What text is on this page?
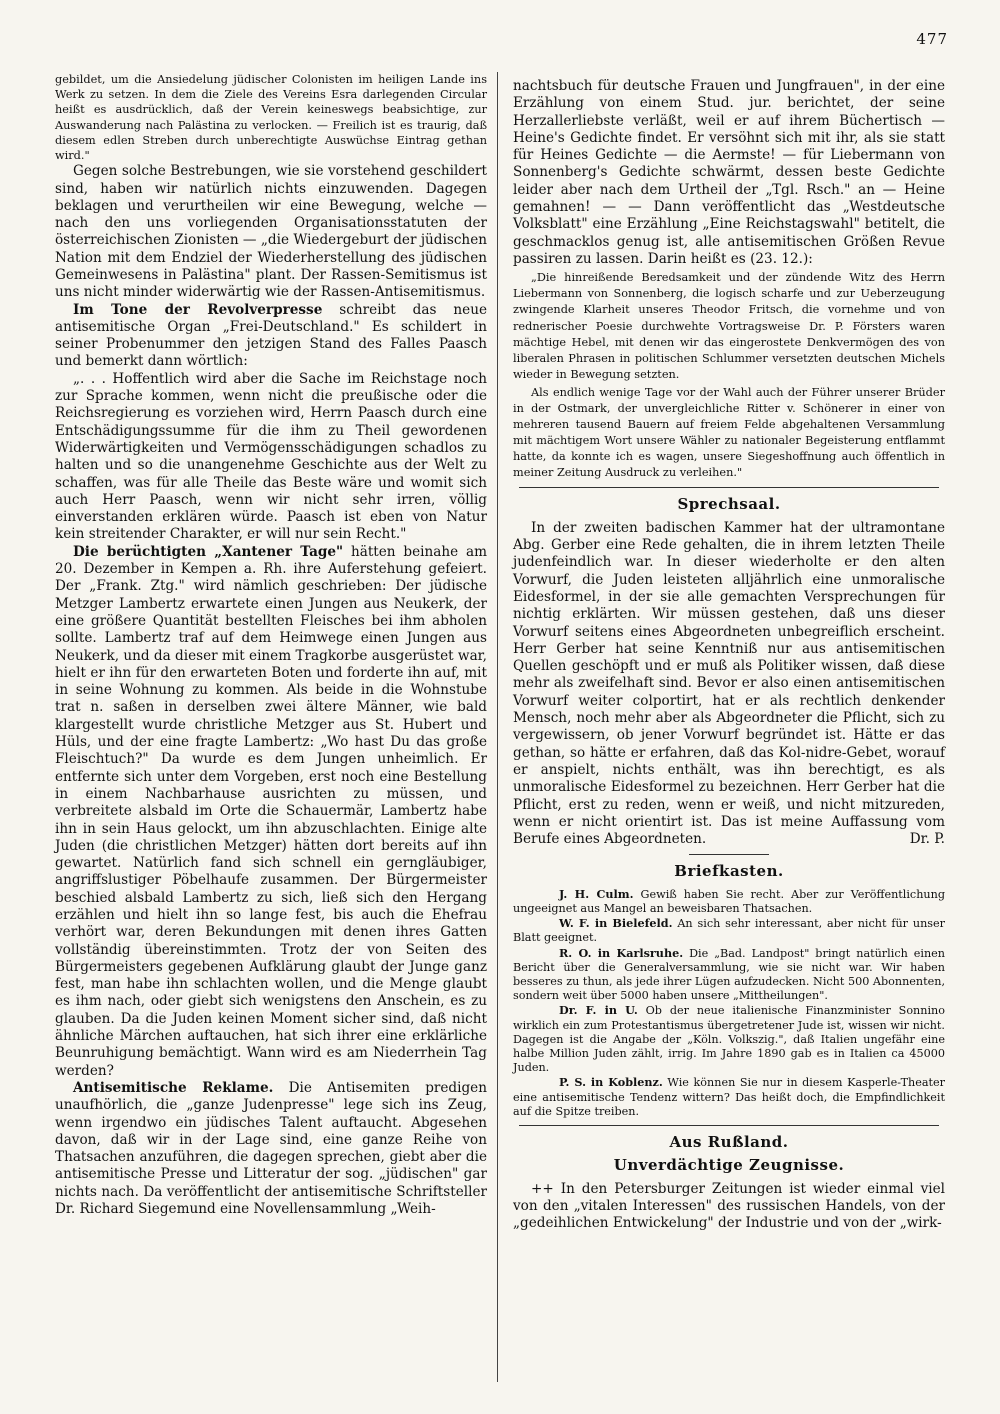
477

gebildet, um die Ansiedelung jüdischer Colonisten im heiligen Lande ins Werk zu setzen. In dem die Ziele des Vereins Esra darlegenden Circular heißt es ausdrücklich, daß der Verein keineswegs beabsichtige, zur Auswanderung nach Palästina zu verlocken. — Freilich ist es traurig, daß diesem edlen Streben durch unberechtigte Auswüchse Eintrag gethan wird."

Gegen solche Bestrebungen, wie sie vorstehend geschildert sind, haben wir natürlich nichts einzuwenden. Dagegen beklagen und verurtheilen wir eine Bewegung, welche — nach den uns vorliegenden Organisationsstatuten der österreichischen Zionisten — „die Wiedergeburt der jüdischen Nation mit dem Endziel der Wiederherstellung des jüdischen Gemeinwesens in Palästina" plant. Der Rassen-Semitismus ist uns nicht minder widerwärtig wie der Rassen-Antisemitismus.

Im Tone der Revolverpresse schreibt das neue antisemitische Organ „Frei-Deutschland." Es schildert in seiner Probenummer den jetzigen Stand des Falles Paasch und bemerkt dann wörtlich:

„. . . Hoffentlich wird aber die Sache im Reichstage noch zur Sprache kommen, wenn nicht die preußische oder die Reichsregierung es vorziehen wird, Herrn Paasch durch eine Entschädigungssumme für die ihm zu Theil gewordenen Widerwärtigkeiten und Vermögensschädigungen schadlos zu halten und so die unangenehme Geschichte aus der Welt zu schaffen, was für alle Theile das Beste wäre und womit sich auch Herr Paasch, wenn wir nicht sehr irren, völlig einverstanden erklären würde. Paasch ist eben von Natur kein streitender Charakter, er will nur sein Recht."

Die berüchtigten „Xantener Tage" hätten beinahe am 20. Dezember in Kempen a. Rh. ihre Auferstehung gefeiert. Der „Frank. Ztg." wird nämlich geschrieben: Der jüdische Metzger Lambertz erwartete einen Jungen aus Neukerk, der eine größere Quantität bestellten Fleisches bei ihm abholen sollte. Lambertz traf auf dem Heimwege einen Jungen aus Neukerk, und da dieser mit einem Tragkorbe ausgerüstet war, hielt er ihn für den erwarteten Boten und forderte ihn auf, mit in seine Wohnung zu kommen. Als beide in die Wohnstube trat n. saßen in derselben zwei ältere Männer, wie bald klargestellt wurde christliche Metzger aus St. Hubert und Hüls, und der eine fragte Lambertz: „Wo hast Du das große Fleischtuch?" Da wurde es dem Jungen unheimlich. Er entfernte sich unter dem Vorgeben, erst noch eine Bestellung in einem Nachbarhause ausrichten zu müssen, und verbreitete alsbald im Orte die Schauermär, Lambertz habe ihn in sein Haus gelockt, um ihn abzuschlachten. Einige alte Juden (die christlichen Metzger) hätten dort bereits auf ihn gewartet. Natürlich fand sich schnell ein gerngläubiger, angriffslustiger Pöbelhaufe zusammen. Der Bürgermeister beschied alsbald Lambertz zu sich, ließ sich den Hergang erzählen und hielt ihn so lange fest, bis auch die Ehefrau verhört war, deren Bekundungen mit denen ihres Gatten vollständig übereinstimmten. Trotz der von Seiten des Bürgermeisters gegebenen Aufklärung glaubt der Junge ganz fest, man habe ihn schlachten wollen, und die Menge glaubt es ihm nach, oder giebt sich wenigstens den Anschein, es zu glauben. Da die Juden keinen Moment sicher sind, daß nicht ähnliche Märchen auftauchen, hat sich ihrer eine erklärliche Beunruhigung bemächtigt. Wann wird es am Niederrhein Tag werden?

Antisemitische Reklame. Die Antisemiten predigen unaufhörlich, die „ganze Judenpresse" lege sich ins Zeug, wenn irgendwo ein jüdisches Talent auftaucht. Abgesehen davon, daß wir in der Lage sind, eine ganze Reihe von Thatsachen anzuführen, die dagegen sprechen, giebt aber die antisemitische Presse und Litteratur der sog. „jüdischen" gar nichts nach. Da veröffentlicht der antisemitische Schriftsteller Dr. Richard Siegemund eine Novellensammlung „Weih-

nachtsbuch für deutsche Frauen und Jungfrauen", in der eine Erzählung von einem Stud. jur. berichtet, der seine Herzallerliebste verläßt, weil er auf ihrem Büchertisch — Heine's Gedichte findet. Er versöhnt sich mit ihr, als sie statt für Heines Gedichte — die Aermste! — für Liebermann von Sonnenberg's Gedichte schwärmt, dessen beste Gedichte leider aber nach dem Urtheil der „Tgl. Rsch." an — Heine gemahnen! — — Dann veröffentlicht das „Westdeutsche Volksblatt" eine Erzählung „Eine Reichstagswahl" betitelt, die geschmacklos genug ist, alle antisemitischen Größen Revue passiren zu lassen. Darin heißt es (23. 12.):

„Die hinreißende Beredsamkeit und der zündende Witz des Herrn Liebermann von Sonnenberg, die logisch scharfe und zur Ueberzeugung zwingende Klarheit unseres Theodor Fritsch, die vornehme und von rednerischer Poesie durchwehte Vortragsweise Dr. P. Försters waren mächtige Hebel, mit denen wir das eingerostete Denkvermögen des von liberalen Phrasen in politischen Schlummer versetzten deutschen Michels wieder in Bewegung setzten.

Als endlich wenige Tage vor der Wahl auch der Führer unserer Brüder in der Ostmark, der unvergleichliche Ritter v. Schönerer in einer von mehreren tausend Bauern auf freiem Felde abgehaltenen Versammlung mit mächtigem Wort unsere Wähler zu nationaler Begeisterung entflammt hatte, da konnte ich es wagen, unsere Siegeshoffnung auch öffentlich in meiner Zeitung Ausdruck zu verleihen."

Sprechsaal.

In der zweiten badischen Kammer hat der ultramontane Abg. Gerber eine Rede gehalten, die in ihrem letzten Theile judenfeindlich war. In dieser wiederholte er den alten Vorwurf, die Juden leisteten alljährlich eine unmoralische Eidesformel, in der sie alle gemachten Versprechungen für nichtig erklärten. Wir müssen gestehen, daß uns dieser Vorwurf seitens eines Abgeordneten unbegreiflich erscheint. Herr Gerber hat seine Kenntniß nur aus antisemitischen Quellen geschöpft und er muß als Politiker wissen, daß diese mehr als zweifelhaft sind. Bevor er also einen antisemitischen Vorwurf weiter colportirt, hat er als rechtlich denkender Mensch, noch mehr aber als Abgeordneter die Pflicht, sich zu vergewissern, ob jener Vorwurf begründet ist. Hätte er das gethan, so hätte er erfahren, daß das Kol-nidre-Gebet, worauf er anspielt, nichts enthält, was ihn berechtigt, es als unmoralische Eidesformel zu bezeichnen. Herr Gerber hat die Pflicht, erst zu reden, wenn er weiß, und nicht mitzureden, wenn er nicht orientirt ist. Das ist meine Auffassung vom Berufe eines Abgeordneten.	Dr. P.

Briefkasten.

J. H. Culm. Gewiß haben Sie recht. Aber zur Veröffentlichung ungeeignet aus Mangel an beweisbaren Thatsachen.

W. F. in Bielefeld. An sich sehr interessant, aber nicht für unser Blatt geeignet.

R. O. in Karlsruhe. Die „Bad. Landpost" bringt natürlich einen Bericht über die Generalversammlung, wie sie nicht war. Wir haben besseres zu thun, als jede ihrer Lügen aufzudecken. Nicht 500 Abonnenten, sondern weit über 5000 haben unsere „Mittheilungen".

Dr. F. in U. Ob der neue italienische Finanzminister Sonnino wirklich ein zum Protestantismus übergetretener Jude ist, wissen wir nicht. Dagegen ist die Angabe der „Köln. Volkszig.", daß Italien ungefähr eine halbe Million Juden zählt, irrig. Im Jahre 1890 gab es in Italien ca 45000 Juden.

P. S. in Koblenz. Wie können Sie nur in diesem Kasperle-Theater eine antisemitische Tendenz wittern? Das heißt doch, die Empfindlichkeit auf die Spitze treiben.

Aus Rußland.
Unverdächtige Zeugnisse.

++ In den Petersburger Zeitungen ist wieder einmal viel von den „vitalen Interessen" des russischen Handels, von der „gedeihlichen Entwickelung" der Industrie und von der „wirk-
